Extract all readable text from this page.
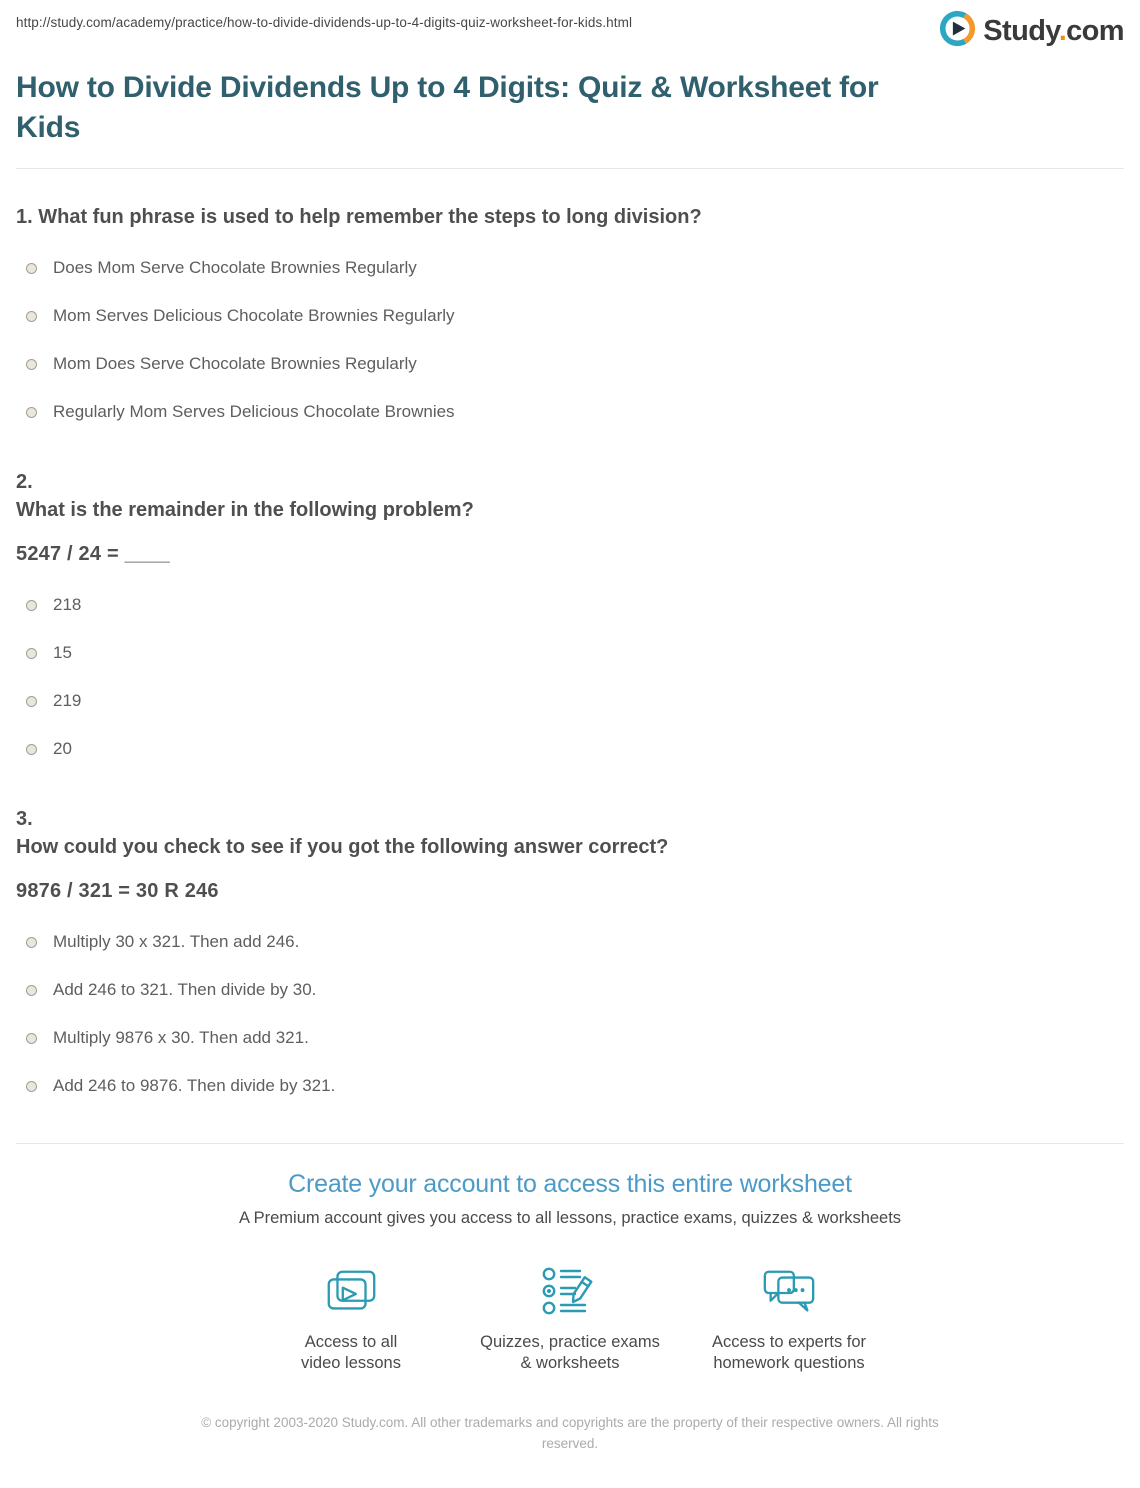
http://study.com/academy/practice/how-to-divide-dividends-up-to-4-digits-quiz-worksheet-for-kids.html	Study.com
How to Divide Dividends Up to 4 Digits: Quiz & Worksheet for Kids
1. What fun phrase is used to help remember the steps to long division?
Does Mom Serve Chocolate Brownies Regularly
Mom Serves Delicious Chocolate Brownies Regularly
Mom Does Serve Chocolate Brownies Regularly
Regularly Mom Serves Delicious Chocolate Brownies
2.
What is the remainder in the following problem?
5247 / 24 = ____
218
15
219
20
3.
How could you check to see if you got the following answer correct?
9876 / 321 = 30 R 246
Multiply 30 x 321. Then add 246.
Add 246 to 321. Then divide by 30.
Multiply 9876 x 30. Then add 321.
Add 246 to 9876. Then divide by 321.
Create your account to access this entire worksheet
A Premium account gives you access to all lessons, practice exams, quizzes & worksheets
Access to all
video lessons
Quizzes, practice exams
& worksheets
Access to experts for
homework questions
© copyright 2003-2020 Study.com. All other trademarks and copyrights are the property of their respective owners. All rights reserved.
